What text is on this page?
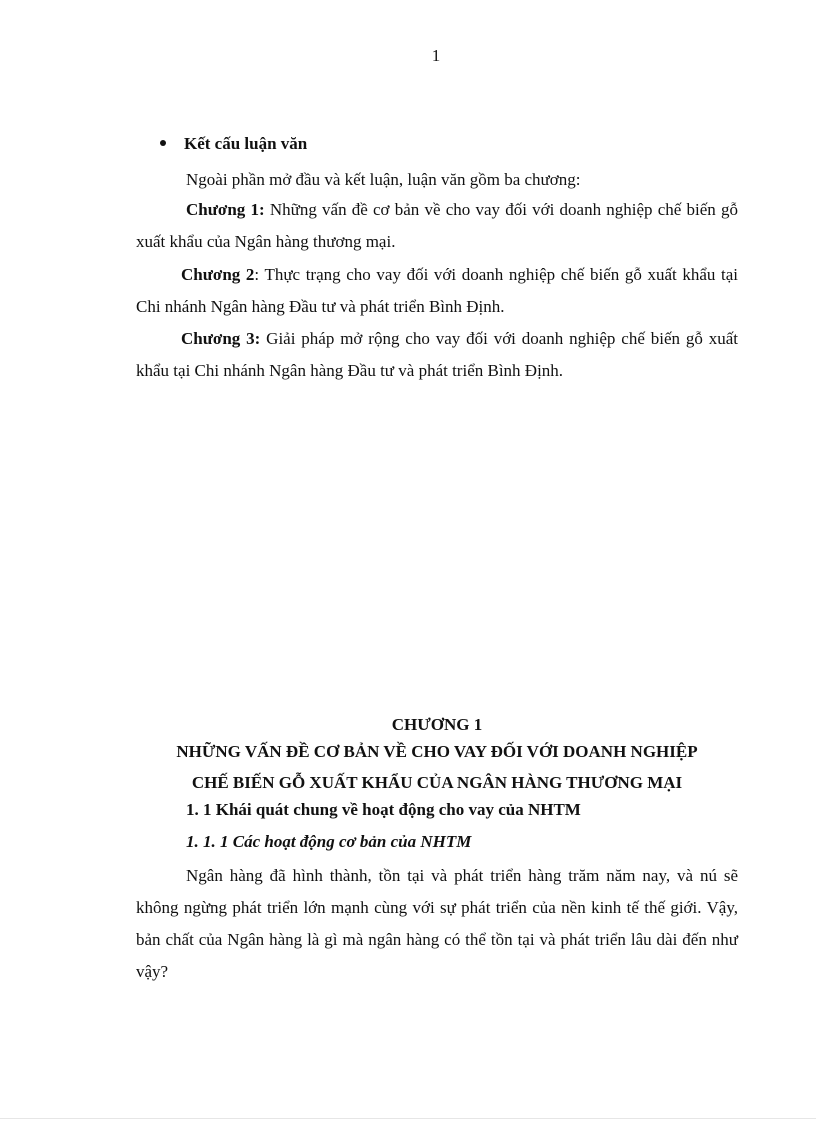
1
Kết cấu luận văn
Ngoài phần mở đầu và kết luận, luận văn gồm ba chương:
Chương 1: Những vấn đề cơ bản về cho vay đối với doanh nghiệp chế biến gỗ xuất khẩu của Ngân hàng thương mại.
Chương 2: Thực trạng cho vay đối với doanh nghiệp chế biến gỗ xuất khẩu tại Chi nhánh Ngân hàng Đầu tư và phát triển Bình Định.
Chương 3: Giải pháp mở rộng cho vay đối với doanh nghiệp chế biến gỗ xuất khẩu tại Chi nhánh Ngân hàng Đầu tư và phát triển Bình Định.
CHƯƠNG 1
NHỮNG VẤN ĐỀ CƠ BẢN VỀ CHO VAY ĐỐI VỚI DOANH NGHIỆP
CHẾ BIẾN GỖ XUẤT KHẨU CỦA NGÂN HÀNG THƯƠNG MẠI
1. 1 Khái quát chung về hoạt động cho vay của NHTM
1. 1. 1 Các hoạt động cơ bản của NHTM
Ngân hàng đã hình thành, tồn tại và phát triển hàng trăm năm nay, và nú sẽ không ngừng phát triển lớn mạnh cùng với sự phát triển của nền kinh tế thế giới. Vậy, bản chất của Ngân hàng là gì mà ngân hàng có thể tồn tại và phát triển lâu dài đến như vậy?
